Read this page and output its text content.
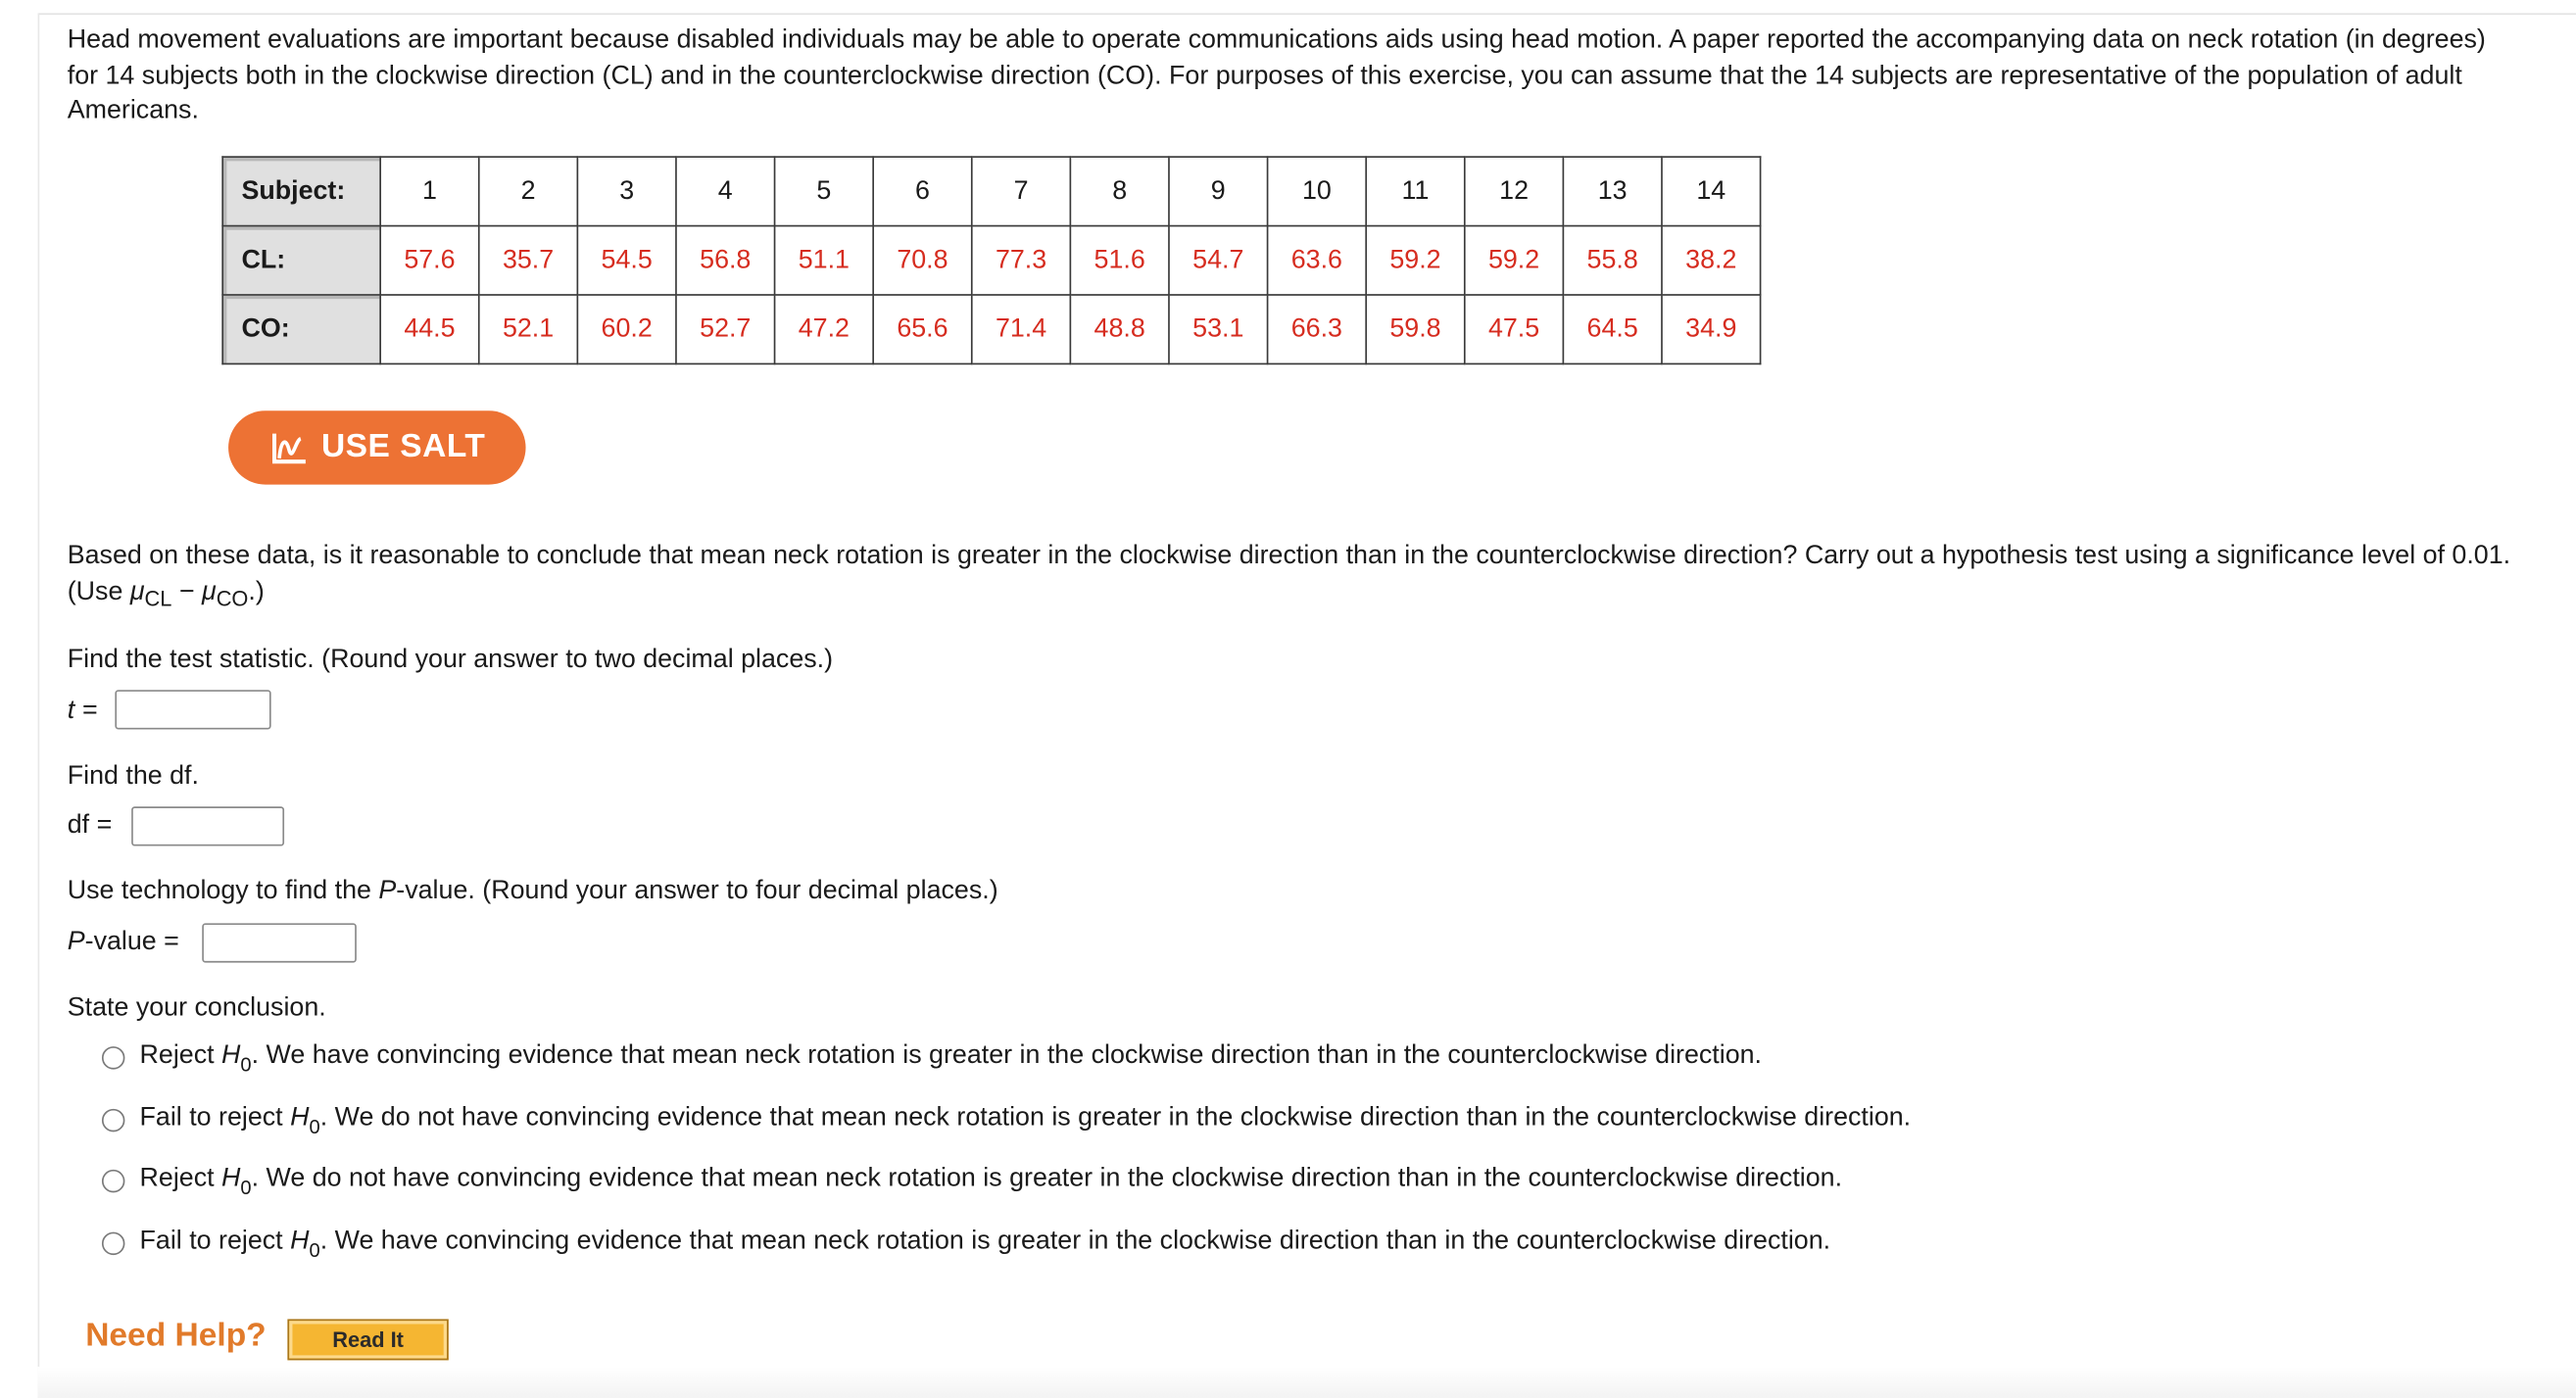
Head movement evaluations are important because disabled individuals may be able to operate communications aids using head motion. A paper reported the accompanying data on neck rotation (in degrees) for 14 subjects both in the clockwise direction (CL) and in the counterclockwise direction (CO). For purposes of this exercise, you can assume that the 14 subjects are representative of the population of adult Americans.
Subject:	1	2	3	4	5	6	7	8	9	10	11	12	13	14
CL:	57.6	35.7	54.5	56.8	51.1	70.8	77.3	51.6	54.7	63.6	59.2	59.2	55.8	38.2
CO:	44.5	52.1	60.2	52.7	47.2	65.6	71.4	48.8	53.1	66.3	59.8	47.5	64.5	34.9
USE SALT
Based on these data, is it reasonable to conclude that mean neck rotation is greater in the clockwise direction than in the counterclockwise direction? Carry out a hypothesis test using a significance level of 0.01. (Use $\mu_{CL} - \mu_{CO}$.)
Find the test statistic. (Round your answer to two decimal places.)
t =
Find the df.
df =
Use technology to find the P-value. (Round your answer to four decimal places.)
P-value =
State your conclusion.
Reject $H_0$. We have convincing evidence that mean neck rotation is greater in the clockwise direction than in the counterclockwise direction.
Fail to reject $H_0$. We do not have convincing evidence that mean neck rotation is greater in the clockwise direction than in the counterclockwise direction.
Reject $H_0$. We do not have convincing evidence that mean neck rotation is greater in the clockwise direction than in the counterclockwise direction.
Fail to reject $H_0$. We have convincing evidence that mean neck rotation is greater in the clockwise direction than in the counterclockwise direction.
Need Help?	Read It
